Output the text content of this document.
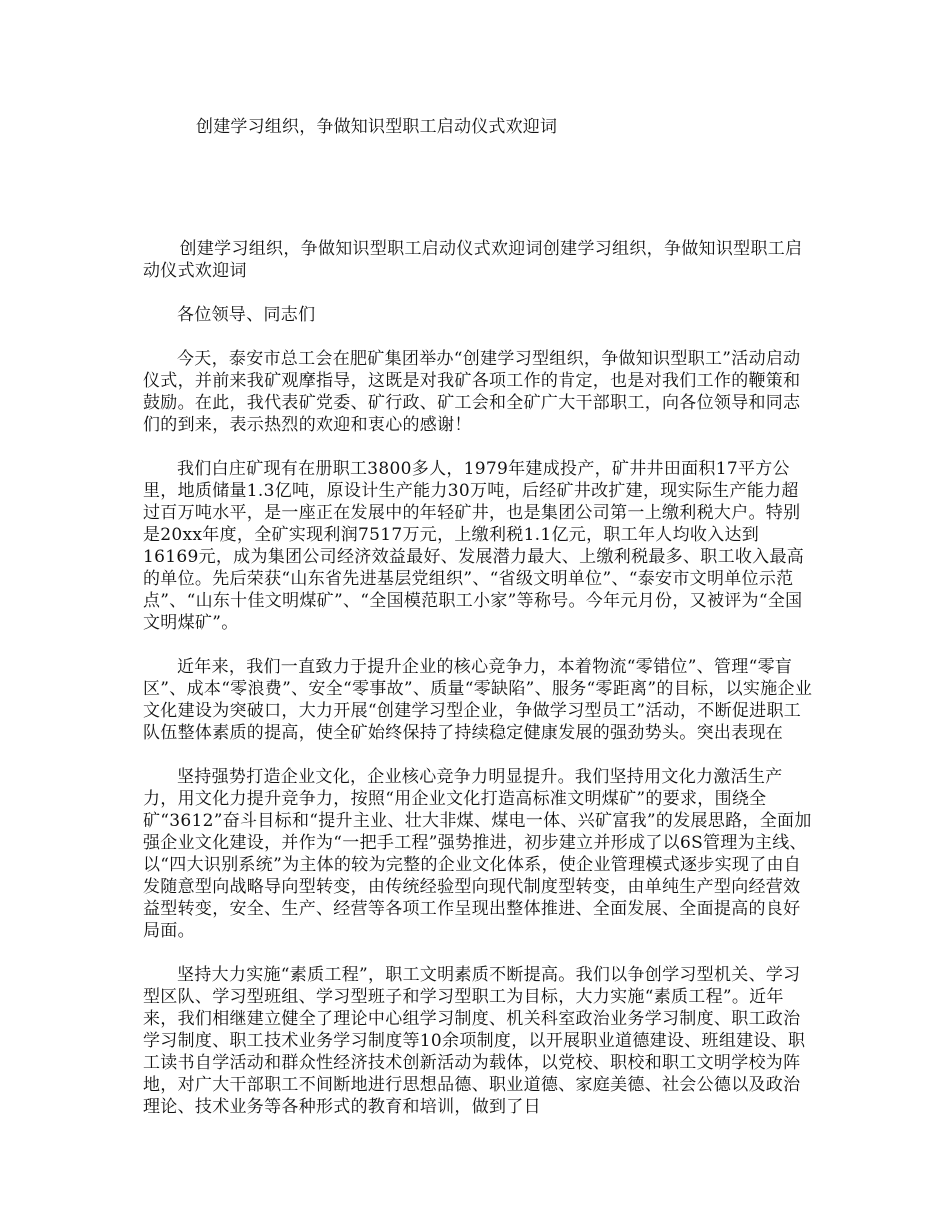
创建学习组织，争做知识型职工启动仪式欢迎词

创建学习组织，争做知识型职工启动仪式欢迎词创建学习组织，争做知识型职工启动仪式欢迎词

各位领导、同志们

今天，泰安市总工会在肥矿集团举办“创建学习型组织，争做知识型职工”活动启动仪式，并前来我矿观摩指导，这既是对我矿各项工作的肯定，也是对我们工作的鞭策和鼓励。在此，我代表矿党委、矿行政、矿工会和全矿广大干部职工，向各位领导和同志们的到来，表示热烈的欢迎和衷心的感谢！

我们白庄矿现有在册职工3800多人，1979年建成投产，矿井井田面积17平方公里，地质储量1.3亿吨，原设计生产能力30万吨，后经矿井改扩建，现实际生产能力超过百万吨水平，是一座正在发展中的年轻矿井，也是集团公司第一上缴利税大户。特别是20xx年度，全矿实现利润7517万元，上缴利税1.1亿元，职工年人均收入达到16169元，成为集团公司经济效益最好、发展潜力最大、上缴利税最多、职工收入最高的单位。先后荣获“山东省先进基层党组织”、“省级文明单位”、“泰安市文明单位示范点”、“山东十佳文明煤矿”、“全国模范职工小家”等称号。今年元月份，又被评为“全国文明煤矿”。

近年来，我们一直致力于提升企业的核心竞争力，本着物流“零错位”、管理“零盲区”、成本“零浪费”、安全“零事故”、质量“零缺陷”、服务“零距离”的目标，以实施企业文化建设为突破口，大力开展“创建学习型企业，争做学习型员工”活动，不断促进职工队伍整体素质的提高，使全矿始终保持了持续稳定健康发展的强劲势头。突出表现在

坚持强势打造企业文化，企业核心竞争力明显提升。我们坚持用文化力激活生产力，用文化力提升竞争力，按照“用企业文化打造高标准文明煤矿”的要求，围绕全矿“3612”奋斗目标和“提升主业、壮大非煤、煤电一体、兴矿富我”的发展思路，全面加强企业文化建设，并作为“一把手工程”强势推进，初步建立并形成了以6S管理为主线、以“四大识别系统”为主体的较为完整的企业文化体系，使企业管理模式逐步实现了由自发随意型向战略导向型转变，由传统经验型向现代制度型转变，由单纯生产型向经营效益型转变，安全、生产、经营等各项工作呈现出整体推进、全面发展、全面提高的良好局面。

坚持大力实施“素质工程”，职工文明素质不断提高。我们以争创学习型机关、学习型区队、学习型班组、学习型班子和学习型职工为目标，大力实施“素质工程”。近年来，我们相继建立健全了理论中心组学习制度、机关科室政治业务学习制度、职工政治学习制度、职工技术业务学习制度等10余项制度，以开展职业道德建设、班组建设、职工读书自学活动和群众性经济技术创新活动为载体，以党校、职校和职工文明学校为阵地，对广大干部职工不间断地进行思想品德、职业道德、家庭美德、社会公德以及政治理论、技术业务等各种形式的教育和培训，做到了日
